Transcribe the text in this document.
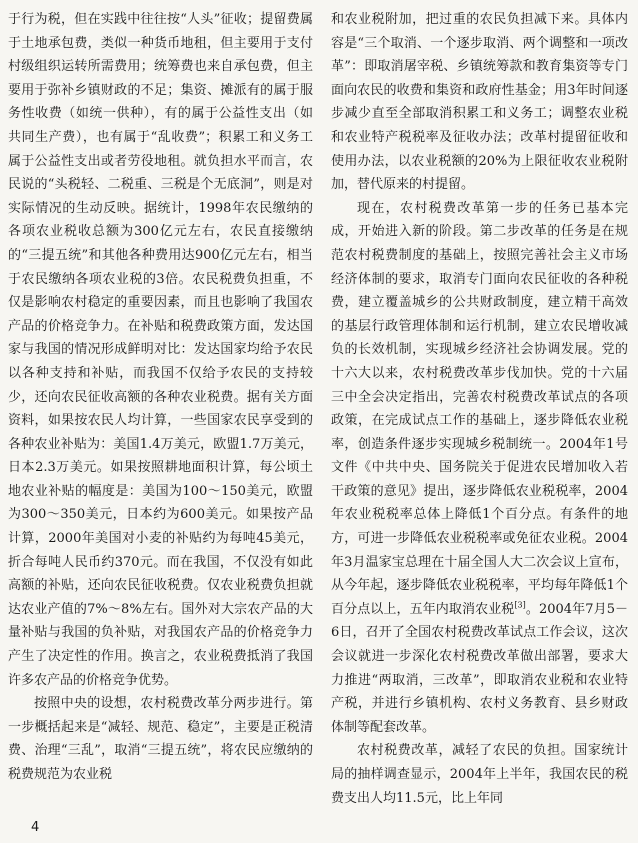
于行为税，但在实践中往往按“人头”征收；提留费属于土地承包费，类似一种货币地租，但主要用于支付村级组织运转所需费用；统筹费也来自承包费，但主要用于弥补乡镇财政的不足；集资、摊派有的属于服务性收费（如统一供种），有的属于公益性支出（如共同生产费），也有属于“乱收费”；积累工和义务工属于公益性支出或者劳役地租。就负担水平而言，农民说的“头税轻、二税重、三税是个无底洞”，则是对实际情况的生动反映。据统计，1998年农民缴纳的各项农业税收总额为300亿元左右，农民直接缴纳的“三提五统”和其他各种费用达900亿元左右，相当于农民缴纳各项农业税的3倍。农民税费负担重，不仅是影响农村稳定的重要因素，而且也影响了我国农产品的价格竞争力。在补贴和税费政策方面，发达国家与我国的情况形成鲜明对比：发达国家均给予农民以各种支持和补贴，而我国不仅给予农民的支持较少，还向农民征收高额的各种农业税费。据有关方面资料，如果按农民人均计算，一些国家农民享受到的各种农业补贴为：美国1.4万美元，欧盟1.7万美元，日本2.3万美元。如果按照耕地面积计算，每公顷土地农业补贴的幅度是：美国为100～150美元，欧盟为300～350美元，日本约为600美元。如果按产品计算，2000年美国对小麦的补贴约为每吨45美元，折合每吨人民币约370元。而在我国，不仅没有如此高额的补贴，还向农民征收税费。仅农业税费负担就达农业产值的7%～8%左右。国外对大宗农产品的大量补贴与我国的负补贴，对我国农产品的价格竞争力产生了决定性的作用。换言之，农业税费抵消了我国许多农产品的价格竞争优势。

按照中央的设想，农村税费改革分两步进行。第一步概括起来是“减轻、规范、稳定”，主要是正税清费、治理“三乱”，取消“三提五统”，将农民应缴纳的税费规范为农业税

和农业税附加，把过重的农民负担减下来。具体内容是“三个取消、一个逐步取消、两个调整和一项改革”：即取消屠宰税、乡镇统筹款和教育集资等专门面向农民的收费和集资和政府性基金；用3年时间逐步减少直至全部取消积累工和义务工；调整农业税和农业特产税税率及征收办法；改革村提留征收和使用办法，以农业税额的20%为上限征收农业税附加，替代原来的村提留。

现在，农村税费改革第一步的任务已基本完成，开始进入新的阶段。第二步改革的任务是在规范农村税费制度的基础上，按照完善社会主义市场经济体制的要求，取消专门面向农民征收的各种税费，建立覆盖城乡的公共财政制度，建立精干高效的基层行政管理体制和运行机制，建立农民增收减负的长效机制，实现城乡经济社会协调发展。党的十六大以来，农村税费改革步伐加快。党的十六届三中全会决定指出，完善农村税费改革试点的各项政策，在完成试点工作的基础上，逐步降低农业税率，创造条件逐步实现城乡税制统一。2004年1号文件《中共中央、国务院关于促进农民增加收入若干政策的意见》提出，逐步降低农业税税率，2004年农业税税率总体上降低1个百分点。有条件的地方，可进一步降低农业税税率或免征农业税。2004年3月温家宝总理在十届全国人大二次会议上宣布，从今年起，逐步降低农业税税率，平均每年降低1个百分点以上，五年内取消农业税[3]。2004年7月5－6日，召开了全国农村税费改革试点工作会议，这次会议就进一步深化农村税费改革做出部署，要求大力推进“两取消，三改革”，即取消农业税和农业特产税，并进行乡镇机构、农村义务教育、县乡财政体制等配套改革。

农村税费改革，减轻了农民的负担。国家统计局的抽样调查显示，2004年上半年，我国农民的税费支出人均11.5元，比上年同

4
